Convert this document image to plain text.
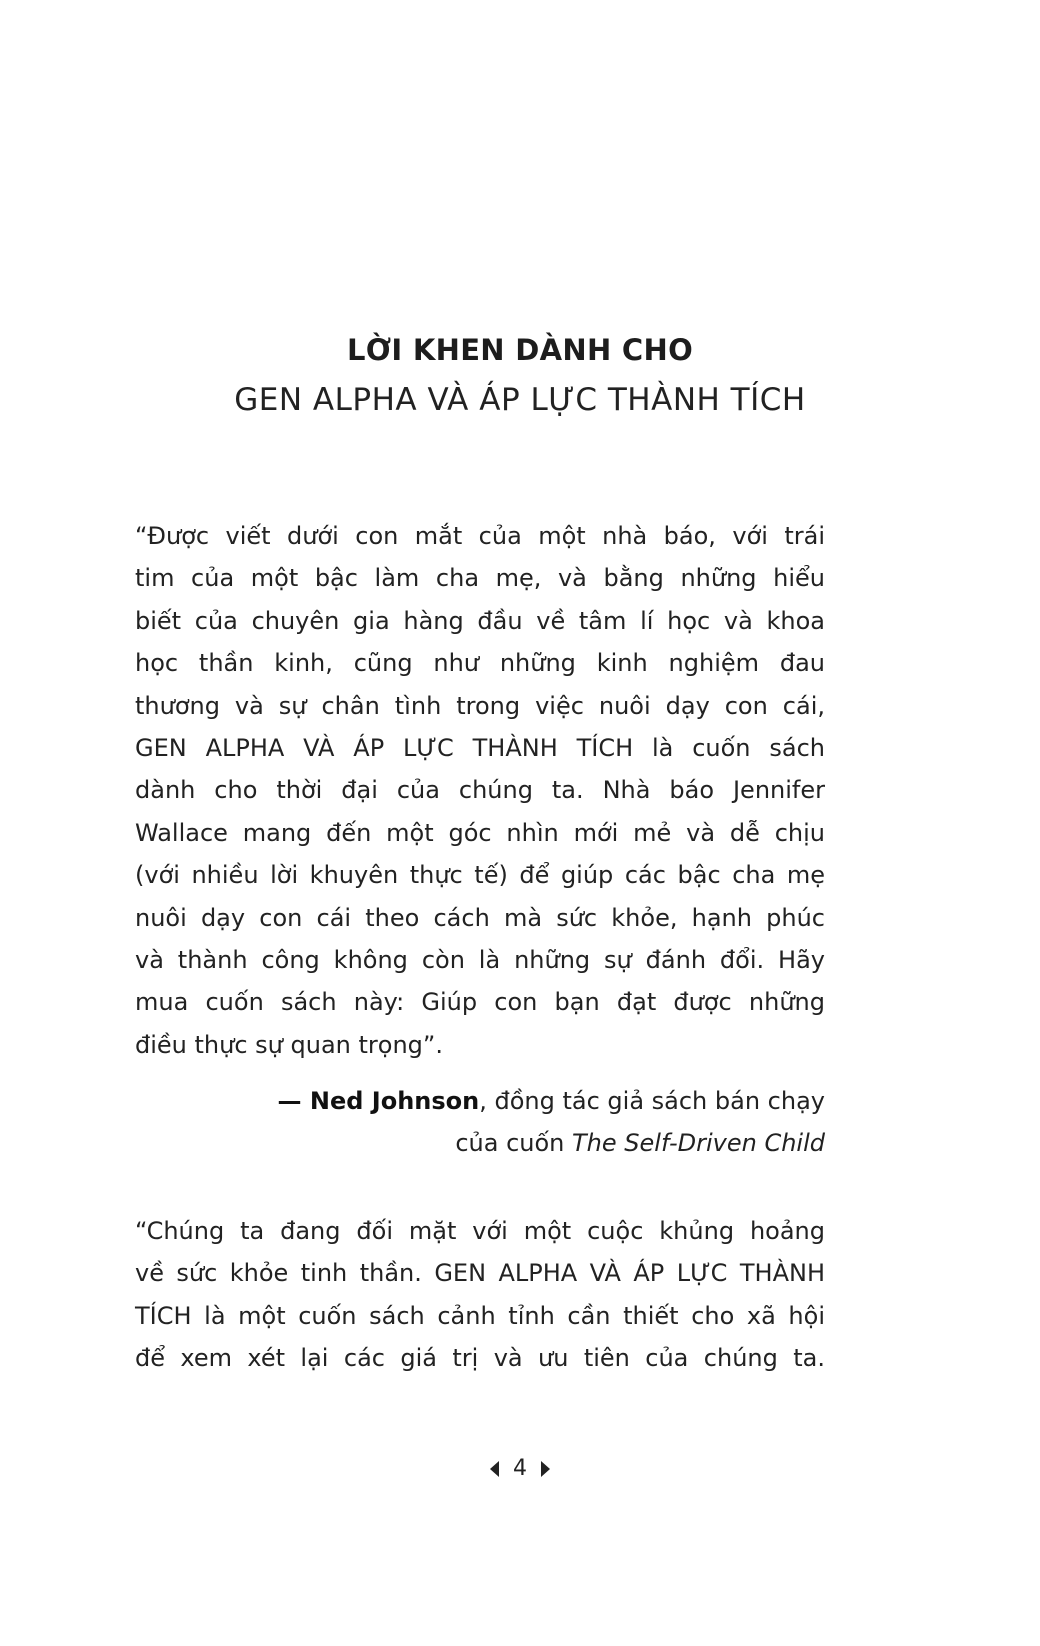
LỜI KHEN DÀNH CHO
GEN ALPHA VÀ ÁP LỰC THÀNH TÍCH
“Được viết dưới con mắt của một nhà báo, với trái
tim của một bậc làm cha mẹ, và bằng những hiểu
biết của chuyên gia hàng đầu về tâm lí học và khoa
học thần kinh, cũng như những kinh nghiệm đau
thương và sự chân tình trong việc nuôi dạy con cái,
GEN ALPHA VÀ ÁP LỰC THÀNH TÍCH là cuốn sách
dành cho thời đại của chúng ta. Nhà báo Jennifer
Wallace mang đến một góc nhìn mới mẻ và dễ chịu
(với nhiều lời khuyên thực tế) để giúp các bậc cha mẹ
nuôi dạy con cái theo cách mà sức khỏe, hạnh phúc
và thành công không còn là những sự đánh đổi. Hãy
mua cuốn sách này: Giúp con bạn đạt được những
điều thực sự quan trọng”.
— Ned Johnson, đồng tác giả sách bán chạy
của cuốn The Self-Driven Child
“Chúng ta đang đối mặt với một cuộc khủng hoảng
về sức khỏe tinh thần. GEN ALPHA VÀ ÁP LỰC THÀNH
TÍCH là một cuốn sách cảnh tỉnh cần thiết cho xã hội
để xem xét lại các giá trị và ưu tiên của chúng ta.
4
